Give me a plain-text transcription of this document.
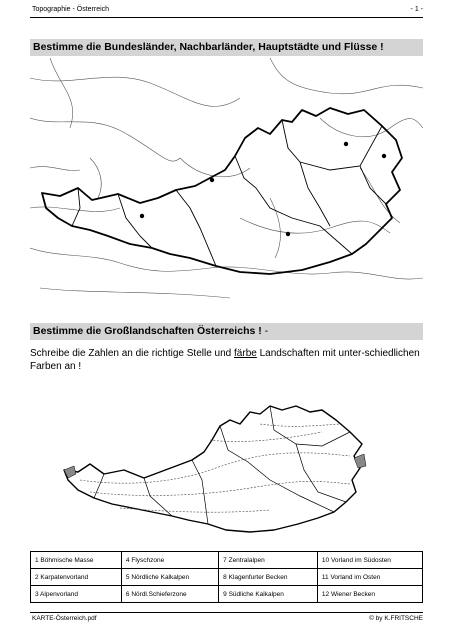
Topographie - Österreich	- 1 -
Bestimme die Bundesländer, Nachbarländer, Hauptstädte und Flüsse !
Bestimme die Großlandschaften Österreichs ! -
Schreibe die Zahlen an die richtige Stelle und färbe Landschaften mit unter-schiedlichen Farben an !
1 Böhmische Masse	4 Flyschzone	7 Zentralalpen	10 Vorland im Südosten
2 Karpatenvorland	5 Nördliche Kalkalpen	8 Klagenfurter Becken	11 Vorland im Osten
3 Alpenvorland	6 Nördl.Schieferzone	9 Südliche Kalkalpen	12 Wiener Becken
KARTE-Österreich.pdf	© by K.FRITSCHE
